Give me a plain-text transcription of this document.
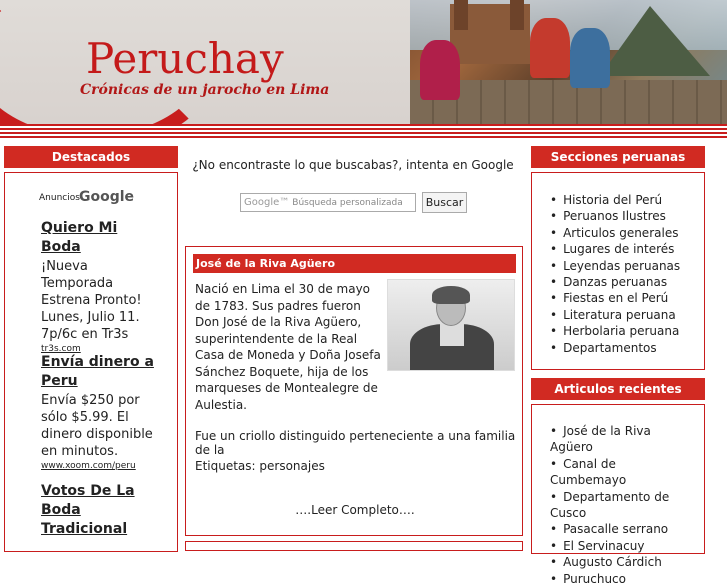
Peruchay
Crónicas de un jarocho en Lima
Destacados
Anuncios Google
Quiero Mi Boda
¡Nueva Temporada Estrena Pronto! Lunes, Julio 11. 7p/6c en Tr3s
tr3s.com
Envía dinero a Peru
Envía $250 por sólo $5.99. El dinero disponible en minutos.
www.xoom.com/peru
Votos De La Boda Tradicional
¿No encontraste lo que buscabas?, intenta en Google
Google™ Búsqueda personalizada	Buscar
José de la Riva Agüero
Nació en Lima el 30 de mayo de 1783. Sus padres fueron Don José de la Riva Agüero, superintendente de la Real Casa de Moneda y Doña Josefa Sánchez Boquete, hija de los marqueses de Montealegre de Aulestia.
Fue un criollo distinguido perteneciente a una familia de la
Etiquetas: personajes
….Leer Completo….
Secciones peruanas
• Historia del Perú
• Peruanos Ilustres
• Articulos generales
• Lugares de interés
• Leyendas peruanas
• Danzas peruanas
• Fiestas en el Perú
• Literatura peruana
• Herbolaria peruana
• Departamentos
Articulos recientes
• José de la Riva Agüero
• Canal de Cumbemayo
• Departamento de Cusco
• Pasacalle serrano
• El Servinacuy
• Augusto Cárdich
• Puruchuco
